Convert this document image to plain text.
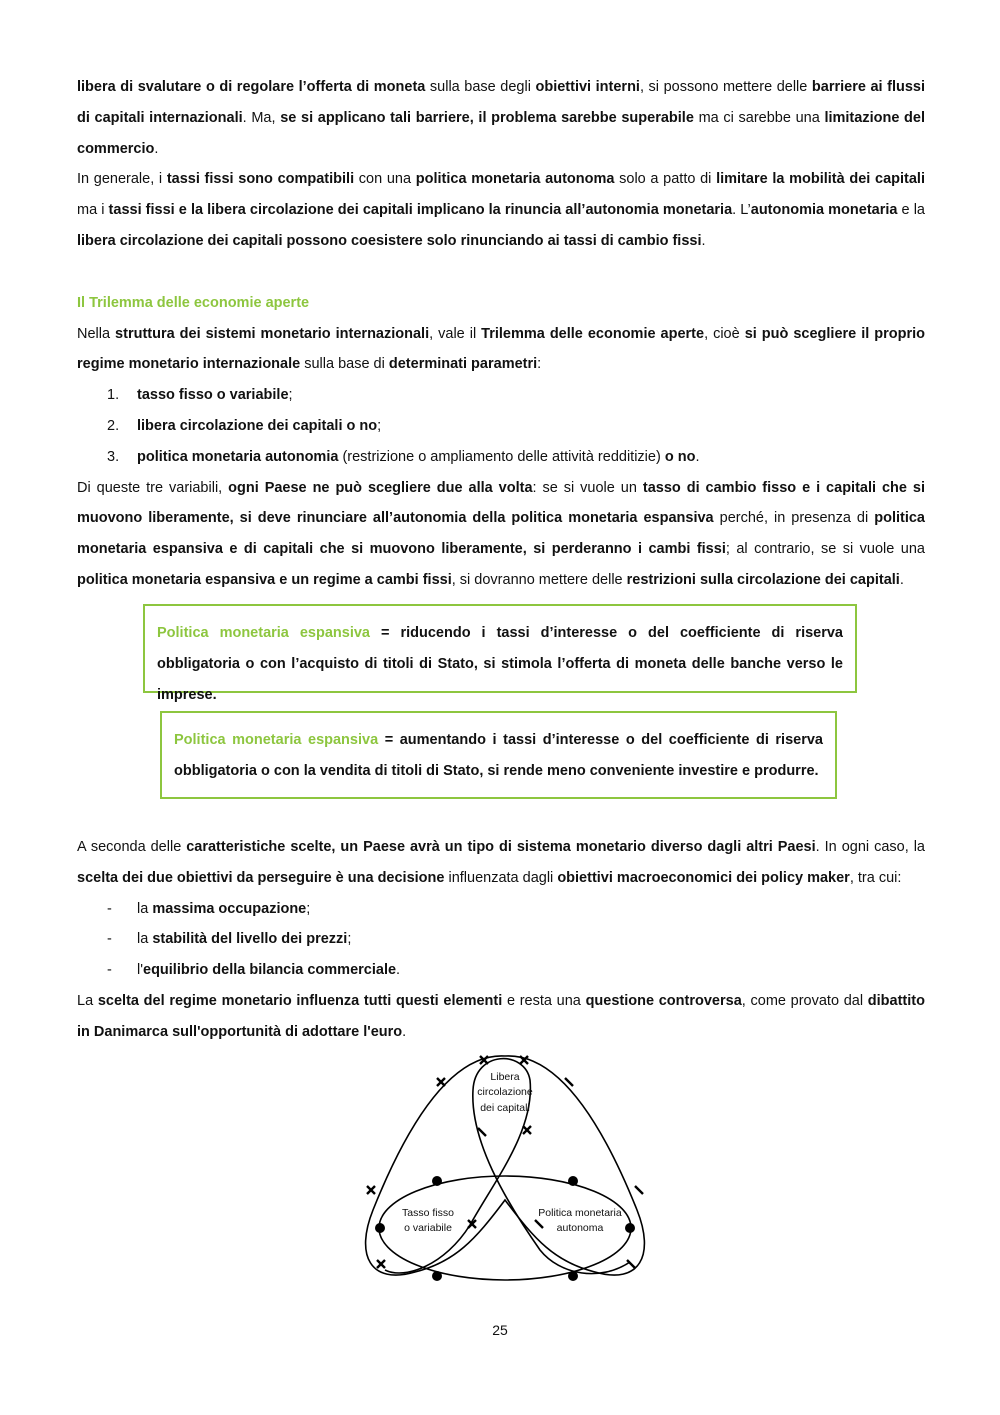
libera di svalutare o di regolare l’offerta di moneta sulla base degli obiettivi interni, si possono mettere delle barriere ai flussi di capitali internazionali. Ma, se si applicano tali barriere, il problema sarebbe superabile ma ci sarebbe una limitazione del commercio.

In generale, i tassi fissi sono compatibili con una politica monetaria autonoma solo a patto di limitare la mobilità dei capitali ma i tassi fissi e la libera circolazione dei capitali implicano la rinuncia all’autonomia monetaria. L’autonomia monetaria e la libera circolazione dei capitali possono coesistere solo rinunciando ai tassi di cambio fissi.

Il Trilemma delle economie aperte

Nella struttura dei sistemi monetario internazionali, vale il Trilemma delle economie aperte, cioè si può scegliere il proprio regime monetario internazionale sulla base di determinati parametri:

1. tasso fisso o variabile;
2. libera circolazione dei capitali o no;
3. politica monetaria autonomia (restrizione o ampliamento delle attività redditizie) o no.

Di queste tre variabili, ogni Paese ne può scegliere due alla volta: se si vuole un tasso di cambio fisso e i capitali che si muovono liberamente, si deve rinunciare all’autonomia della politica monetaria espansiva perché, in presenza di politica monetaria espansiva e di capitali che si muovono liberamente, si perderanno i cambi fissi; al contrario, se si vuole una politica monetaria espansiva e un regime a cambi fissi, si dovranno mettere delle restrizioni sulla circolazione dei capitali.

Politica monetaria espansiva = riducendo i tassi d’interesse o del coefficiente di riserva obbligatoria o con l’acquisto di titoli di Stato, si stimola l’offerta di moneta delle banche verso le imprese.

Politica monetaria espansiva = aumentando i tassi d’interesse o del coefficiente di riserva obbligatoria o con la vendita di titoli di Stato, si rende meno conveniente investire e produrre.

A seconda delle caratteristiche scelte, un Paese avrà un tipo di sistema monetario diverso dagli altri Paesi. In ogni caso, la scelta dei due obiettivi da perseguire è una decisione influenzata dagli obiettivi macroeconomici dei policy maker, tra cui:

- la massima occupazione;
- la stabilità del livello dei prezzi;
- l'equilibrio della bilancia commerciale.

La scelta del regime monetario influenza tutti questi elementi e resta una questione controversa, come provato dal dibattito in Danimarca sull'opportunità di adottare l'euro.

Libera
circolazione
dei capitali
Tasso fisso
o variabile
Politica monetaria
autonoma
25
